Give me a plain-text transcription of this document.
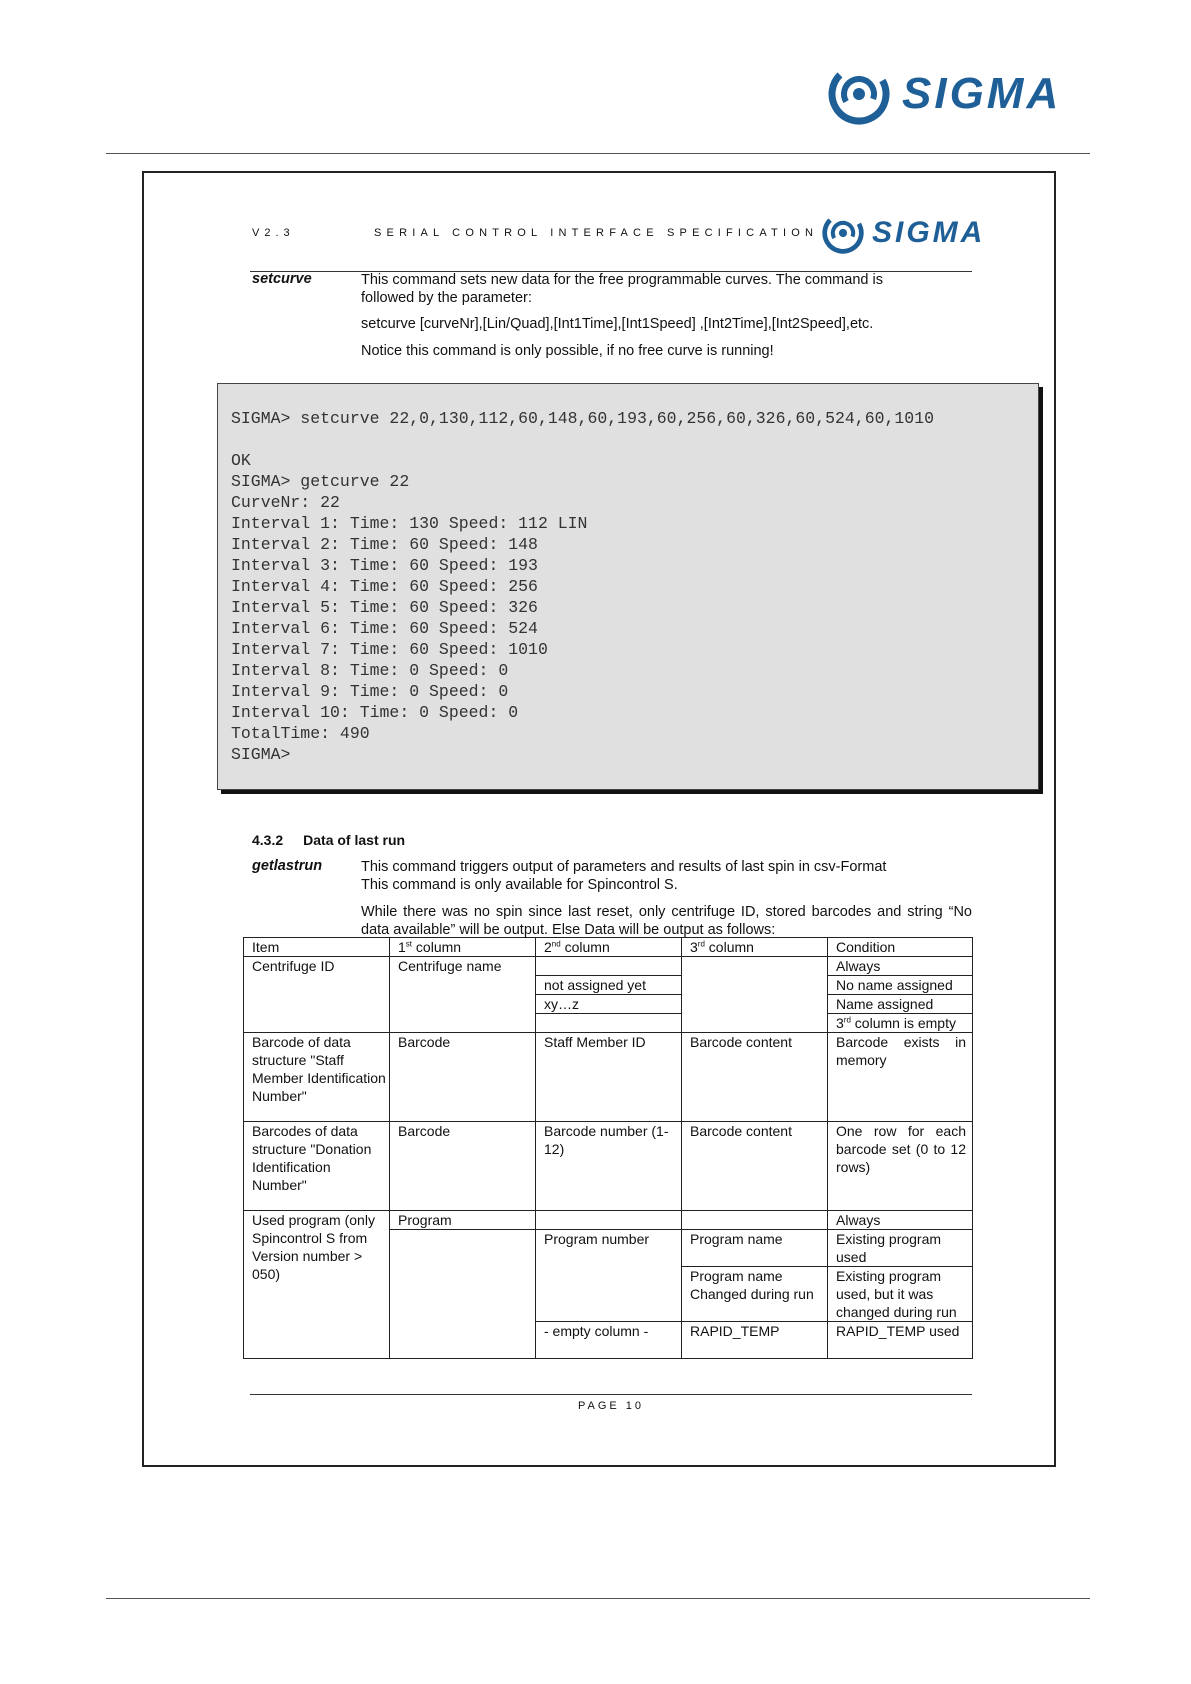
SIGMA
V2.3	SERIAL CONTROL INTERFACE SPECIFICATION SIGMA
setcurve	This command sets new data for the free programmable curves. The command is followed by the parameter:
setcurve [curveNr],[Lin/Quad],[Int1Time],[Int1Speed] ,[Int2Time],[Int2Speed],etc.
Notice this command is only possible, if no free curve is running!
SIGMA> setcurve 22,0,130,112,60,148,60,193,60,256,60,326,60,524,60,1010

OK
SIGMA> getcurve 22
CurveNr: 22
Interval 1: Time: 130 Speed: 112 LIN
Interval 2: Time: 60 Speed: 148
Interval 3: Time: 60 Speed: 193
Interval 4: Time: 60 Speed: 256
Interval 5: Time: 60 Speed: 326
Interval 6: Time: 60 Speed: 524
Interval 7: Time: 60 Speed: 1010
Interval 8: Time: 0 Speed: 0
Interval 9: Time: 0 Speed: 0
Interval 10: Time: 0 Speed: 0
TotalTime: 490
SIGMA>
4.3.2 Data of last run
getlastrun	This command triggers output of parameters and results of last spin in csv-Format
This command is only available for Spincontrol S.
While there was no spin since last reset, only centrifuge ID, stored barcodes and string “No data available” will be output. Else Data will be output as follows:
Item	1st column	2nd column	3rd column	Condition
Centrifuge ID	Centrifuge name			Always
		not assigned yet		No name assigned
		xy…z		Name assigned
				3rd column is empty
Barcode of data structure "Staff Member Identification Number"	Barcode	Staff Member ID	Barcode content	Barcode exists in memory
Barcodes of data structure "Donation Identification Number"	Barcode	Barcode number (1-12)	Barcode content	One row for each barcode set (0 to 12 rows)
Used program (only Spincontrol S from Version number > 050)	Program			Always
		Program number	Program name	Existing program used
			Program name Changed during run	Existing program used, but it was changed during run
		- empty column -	RAPID_TEMP	RAPID_TEMP used
PAGE 10
